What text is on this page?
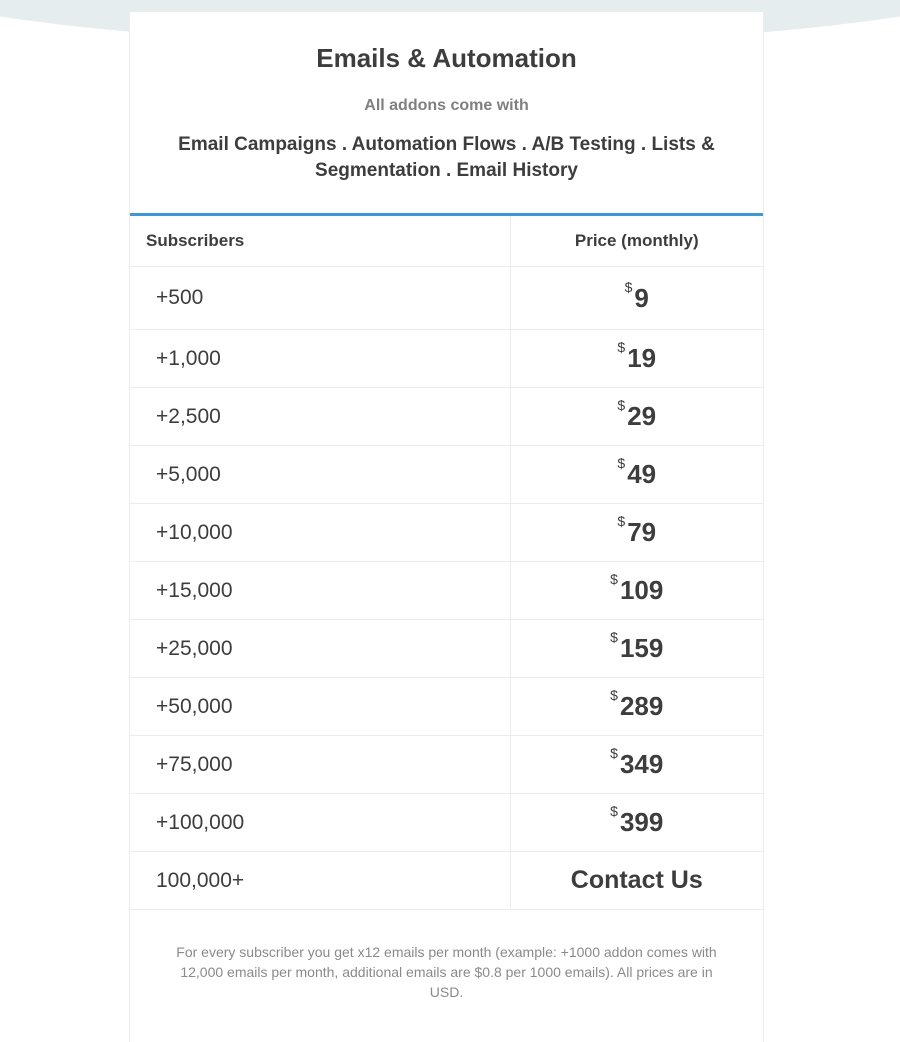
Emails & Automation
All addons come with
Email Campaigns . Automation Flows . A/B Testing . Lists & Segmentation . Email History
Subscribers	Price (monthly)
+500	$9
+1,000	$19
+2,500	$29
+5,000	$49
+10,000	$79
+15,000	$109
+25,000	$159
+50,000	$289
+75,000	$349
+100,000	$399
100,000+	Contact Us
For every subscriber you get x12 emails per month (example: +1000 addon comes with 12,000 emails per month, additional emails are $0.8 per 1000 emails). All prices are in USD.
